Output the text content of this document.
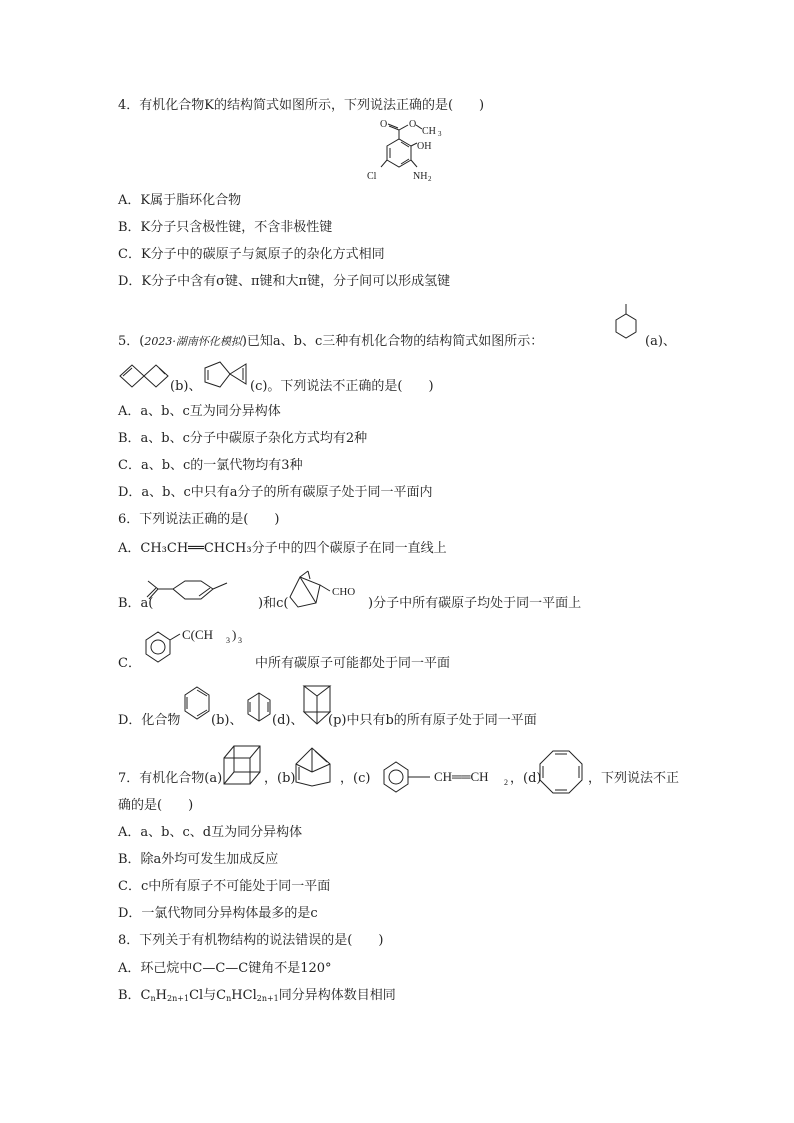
4．有机化合物K的结构简式如图所示，下列说法正确的是(　　)
O O
CH 3
OH
Cl	NH 2
A．K属于脂环化合物
B．K分子只含极性键，不含非极性键
C．K分子中的碳原子与氮原子的杂化方式相同
D．K分子中含有σ键、π键和大π键，分子间可以形成氢键
5．(2023·湖南怀化模拟)已知a、b、c三种有机化合物的结构简式如图所示：	(a)、
(b)、	(c)。下列说法不正确的是(　　)
A．a、b、c互为同分异构体
B．a、b、c分子中碳原子杂化方式均有2种
C．a、b、c的一氯代物均有3种
D．a、b、c中只有a分子的所有碳原子处于同一平面内
6．下列说法正确的是(　　)
A．CH₃CH══CHCH₃分子中的四个碳原子在同一直线上
B．a(	)和c(
CHO
)分子中所有碳原子均处于同一平面上
C．
C(CH 3 ) 3
中所有碳原子可能都处于同一平面
D．化合物 (b)、 (d)、 (p)中只有b的所有原子处于同一平面
7．有机化合物(a)	，(b)	，(c)	CH══CH 2 ，(d)	，下列说法不正
确的是(　　)
A．a、b、c、d互为同分异构体
B．除a外均可发生加成反应
C．c中所有原子不可能处于同一平面
D．一氯代物同分异构体最多的是c
8．下列关于有机物结构的说法错误的是(　　)
A．环己烷中C—C—C键角不是120°
B．$C_nH_{2n+1}Cl$与$C_nHCl_{2n+1}$同分异构体数目相同
